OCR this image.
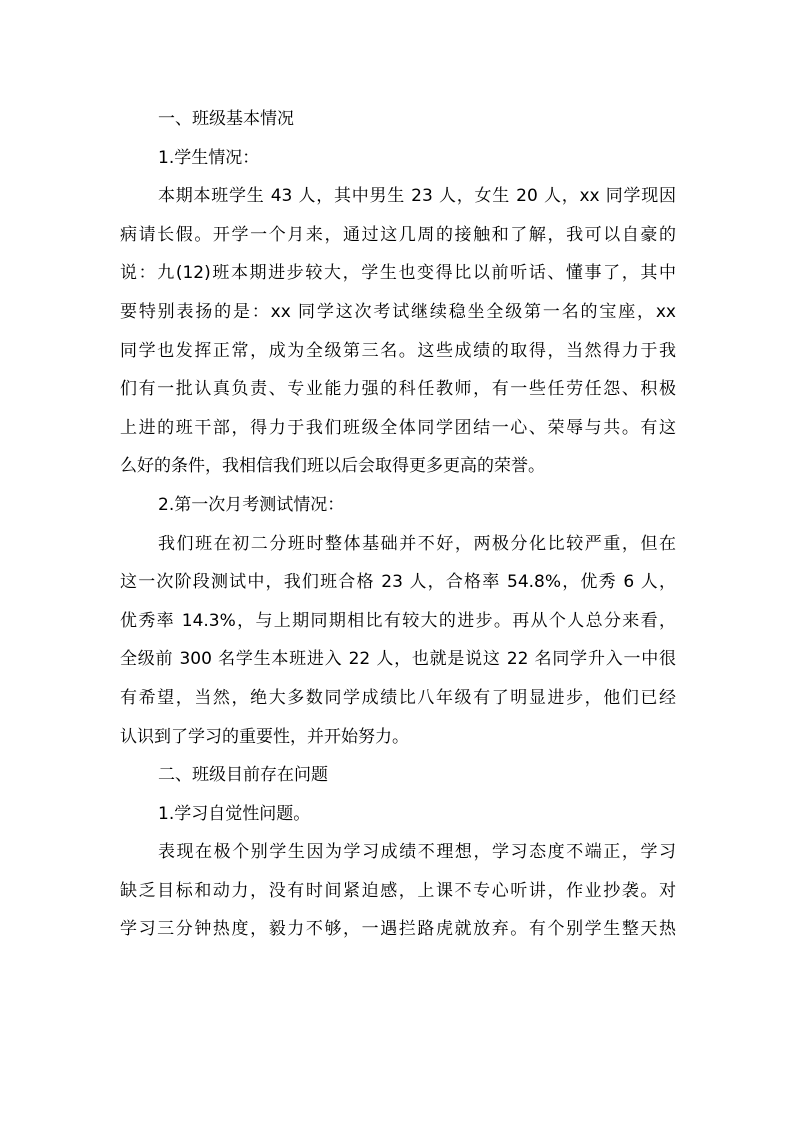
一、班级基本情况
1.学生情况：
本期本班学生 43 人，其中男生 23 人，女生 20 人，xx 同学现因
病请长假。开学一个月来，通过这几周的接触和了解，我可以自豪的
说：九(12)班本期进步较大，学生也变得比以前听话、懂事了，其中
要特别表扬的是：xx 同学这次考试继续稳坐全级第一名的宝座，xx
同学也发挥正常，成为全级第三名。这些成绩的取得，当然得力于我
们有一批认真负责、专业能力强的科任教师，有一些任劳任怨、积极
上进的班干部，得力于我们班级全体同学团结一心、荣辱与共。有这
么好的条件，我相信我们班以后会取得更多更高的荣誉。
2.第一次月考测试情况：
我们班在初二分班时整体基础并不好，两极分化比较严重，但在
这一次阶段测试中，我们班合格 23 人，合格率 54.8%，优秀 6 人，
优秀率 14.3%，与上期同期相比有较大的进步。再从个人总分来看，
全级前 300 名学生本班进入 22 人，也就是说这 22 名同学升入一中很
有希望，当然，绝大多数同学成绩比八年级有了明显进步，他们已经
认识到了学习的重要性，并开始努力。
二、班级目前存在问题
1.学习自觉性问题。
表现在极个别学生因为学习成绩不理想，学习态度不端正，学习
缺乏目标和动力，没有时间紧迫感，上课不专心听讲，作业抄袭。对
学习三分钟热度，毅力不够，一遇拦路虎就放弃。有个别学生整天热
